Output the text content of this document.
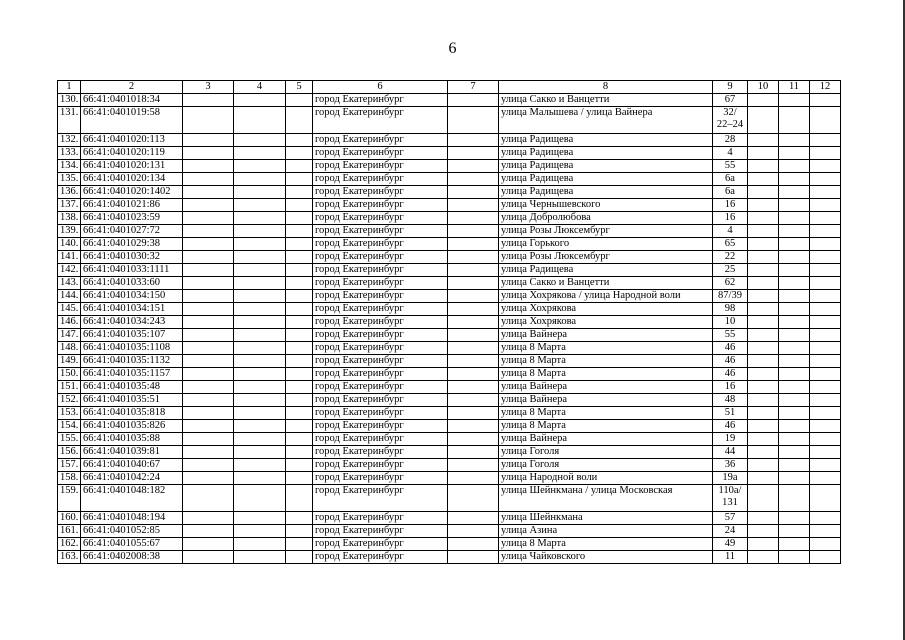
6
1	2	3	4	5	6	7	8	9	10	11	12
130.	66:41:0401018:34				город Екатеринбург		улица Сакко и Ванцетти	67			

131.	66:41:0401019:58				город Екатеринбург		улица Малышева / улица Вайнера	32/
22–24			

132.	66:41:0401020:113				город Екатеринбург		улица Радищева	28			

133.	66:41:0401020:119				город Екатеринбург		улица Радищева	4			

134.	66:41:0401020:131				город Екатеринбург		улица Радищева	55			

135.	66:41:0401020:134				город Екатеринбург		улица Радищева	6а			

136.	66:41:0401020:1402				город Екатеринбург		улица Радищева	6а			

137.	66:41:0401021:86				город Екатеринбург		улица Чернышевского	16			

138.	66:41:0401023:59				город Екатеринбург		улица Добролюбова	16			

139.	66:41:0401027:72				город Екатеринбург		улица Розы Люксембург	4			

140.	66:41:0401029:38				город Екатеринбург		улица Горького	65			

141.	66:41:0401030:32				город Екатеринбург		улица Розы Люксембург	22			

142.	66:41:0401033:1111				город Екатеринбург		улица Радищева	25			

143.	66:41:0401033:60				город Екатеринбург		улица Сакко и Ванцетти	62			

144.	66:41:0401034:150				город Екатеринбург		улица Хохрякова / улица Народной воли	87/39			

145.	66:41:0401034:151				город Екатеринбург		улица Хохрякова	98			

146.	66:41:0401034:243				город Екатеринбург		улица Хохрякова	10			

147.	66:41:0401035:107				город Екатеринбург		улица Вайнера	55			

148.	66:41:0401035:1108				город Екатеринбург		улица 8 Марта	46			

149.	66:41:0401035:1132				город Екатеринбург		улица 8 Марта	46			

150.	66:41:0401035:1157				город Екатеринбург		улица 8 Марта	46			

151.	66:41:0401035:48				город Екатеринбург		улица Вайнера	16			

152.	66:41:0401035:51				город Екатеринбург		улица Вайнера	48			

153.	66:41:0401035:818				город Екатеринбург		улица 8 Марта	51			

154.	66:41:0401035:826				город Екатеринбург		улица 8 Марта	46			

155.	66:41:0401035:88				город Екатеринбург		улица Вайнера	19			

156.	66:41:0401039:81				город Екатеринбург		улица Гоголя	44			

157.	66:41:0401040:67				город Екатеринбург		улица Гоголя	36			

158.	66:41:0401042:24				город Екатеринбург		улица Народной воли	19а			

159.	66:41:0401048:182				город Екатеринбург		улица Шейнкмана / улица Московская	110а/
131			

160.	66:41:0401048:194				город Екатеринбург		улица Шейнкмана	57			

161.	66:41:0401052:85				город Екатеринбург		улица Азина	24			

162.	66:41:0401055:67				город Екатеринбург		улица 8 Марта	49			

163.	66:41:0402008:38				город Екатеринбург		улица Чайковского	11			
